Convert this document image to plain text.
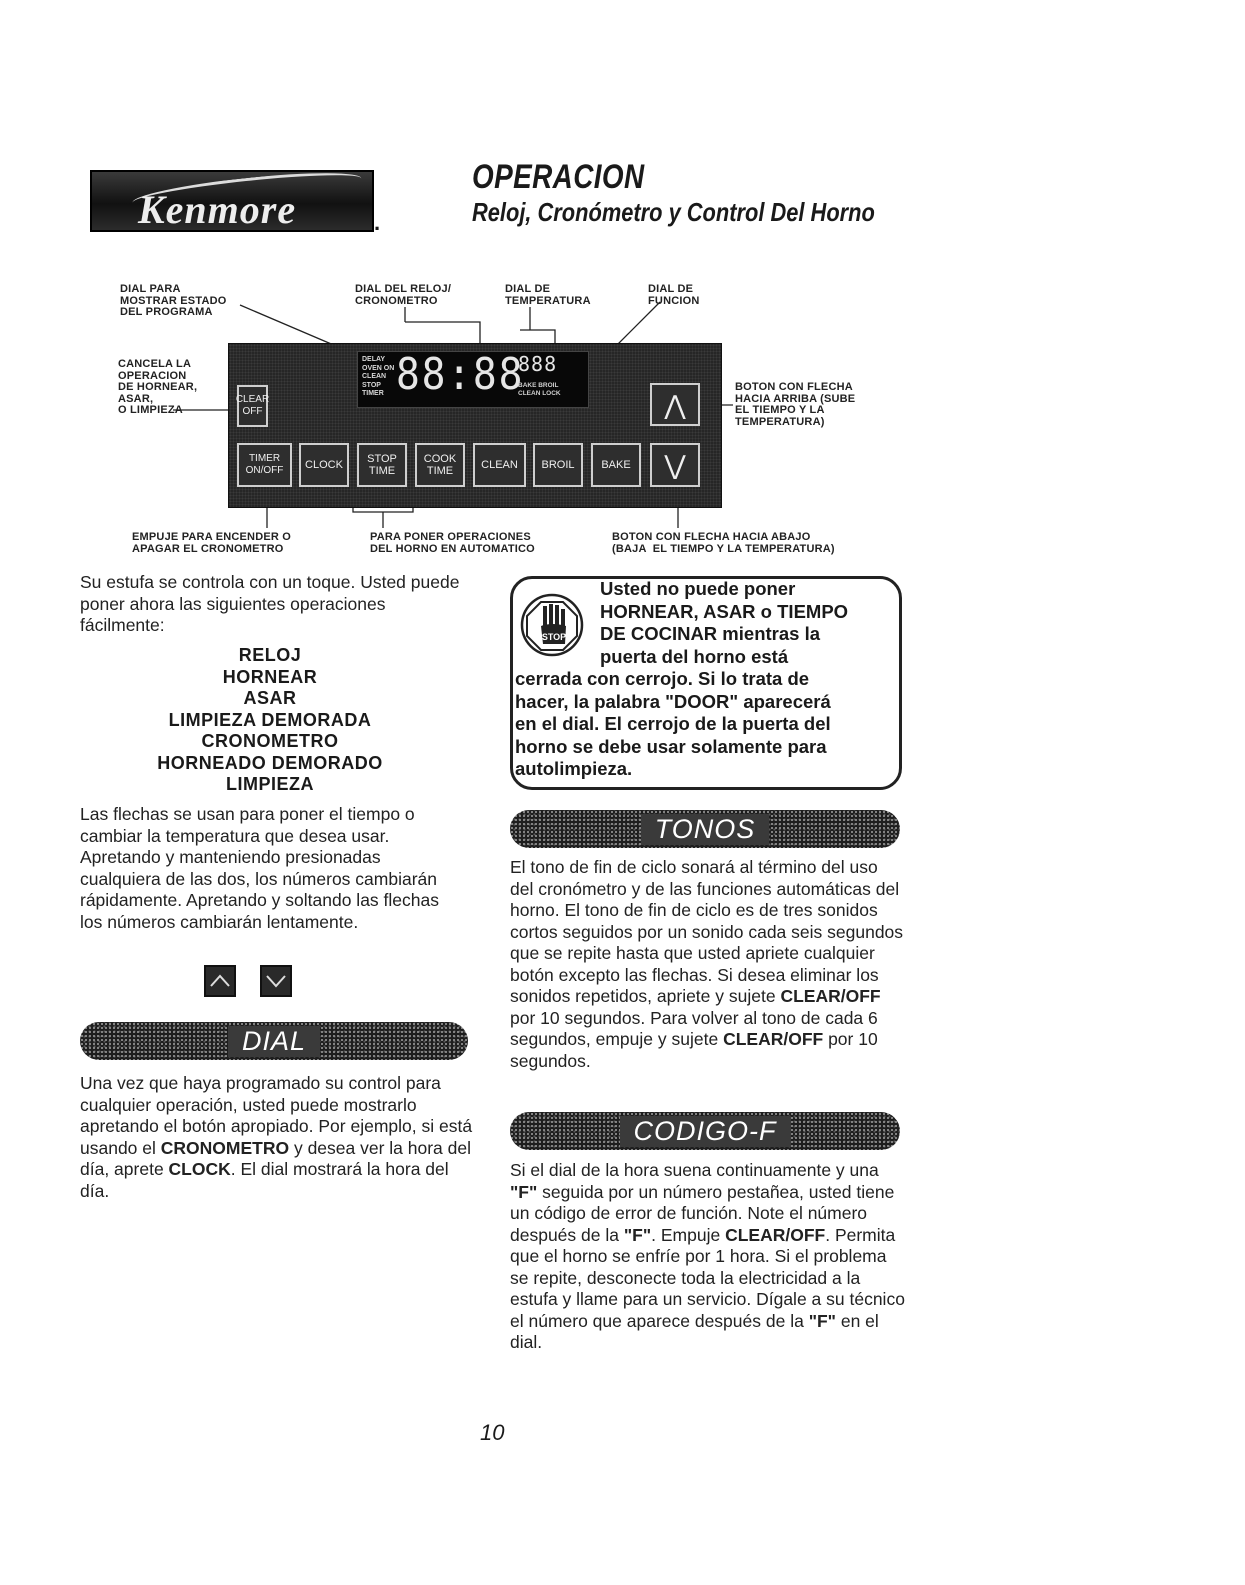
Kenmore	.
OPERACION
Reloj, Cronómetro y Control Del Horno
DIAL PARA
MOSTRAR ESTADO
DEL PROGRAMA
DIAL DEL RELOJ/
CRONOMETRO
DIAL DE
TEMPERATURA
DIAL DE
FUNCION
CANCELA LA
OPERACION
DE HORNEAR,
ASAR,
O LIMPIEZA
BOTON CON FLECHA
HACIA ARRIBA (SUBE
EL TIEMPO Y LA
TEMPERATURA)
EMPUJE PARA ENCENDER O
APAGAR EL CRONOMETRO
PARA PONER OPERACIONES
DEL HORNO EN AUTOMATICO
BOTON CON FLECHA HACIA ABAJO
(BAJA  EL TIEMPO Y LA TEMPERATURA)
DELAY
OVEN ON
CLEAN
STOP
TIMER 88:88
888
BAKE BROIL
CLEAN LOCK
CLEAR
OFF	⋀
TIMER
ON/OFF	CLOCK	STOP
TIME
COOK
TIME	CLEAN	BROIL	BAKE	⋁
Su estufa se controla con un toque. Usted puede poner ahora las siguientes operaciones fácilmente:
RELOJ
HORNEAR
ASAR
LIMPIEZA DEMORADA
CRONOMETRO
HORNEADO DEMORADO
LIMPIEZA
Las flechas se usan para poner el tiempo o cambiar la temperatura que desea usar. Apretando y manteniendo presionadas cualquiera de las dos, los números cambiarán rápidamente. Apretando y soltando las flechas los números cambiarán lentamente.
DIAL
Una vez que haya programado su control para cualquier operación, usted puede mostrarlo apretando el botón apropiado. Por ejemplo, si está usando el CRONOMETRO y desea ver la hora del día, aprete CLOCK. El dial mostrará la hora del día.
STOP
Usted no puede poner
HORNEAR, ASAR o TIEMPO
DE COCINAR mientras la
puerta del horno está
cerrada con cerrojo. Si lo trata de
hacer, la palabra "DOOR" aparecerá
en el dial. El cerrojo de la puerta del
horno se debe usar solamente para
autolimpieza.
TONOS
El tono de fin de ciclo sonará al término del uso del cronómetro y de las funciones automáticas del horno. El tono de fin de ciclo es de tres sonidos cortos seguidos por un sonido cada seis segundos que se repite hasta que usted apriete cualquier botón excepto las flechas. Si desea eliminar los sonidos repetidos, apriete y sujete CLEAR/OFF por 10 segundos. Para volver al tono de cada 6 segundos, empuje y sujete CLEAR/OFF por 10 segundos.
CODIGO-F
Si el dial de la hora suena continuamente y una "F" seguida por un número pestañea, usted tiene un código de error de función. Note el número después de la "F". Empuje CLEAR/OFF. Permita que el horno se enfríe por 1 hora. Si el problema se repite, desconecte toda la electricidad a la estufa y llame para un servicio. Dígale a su técnico el número que aparece después de la "F" en el dial.
10
